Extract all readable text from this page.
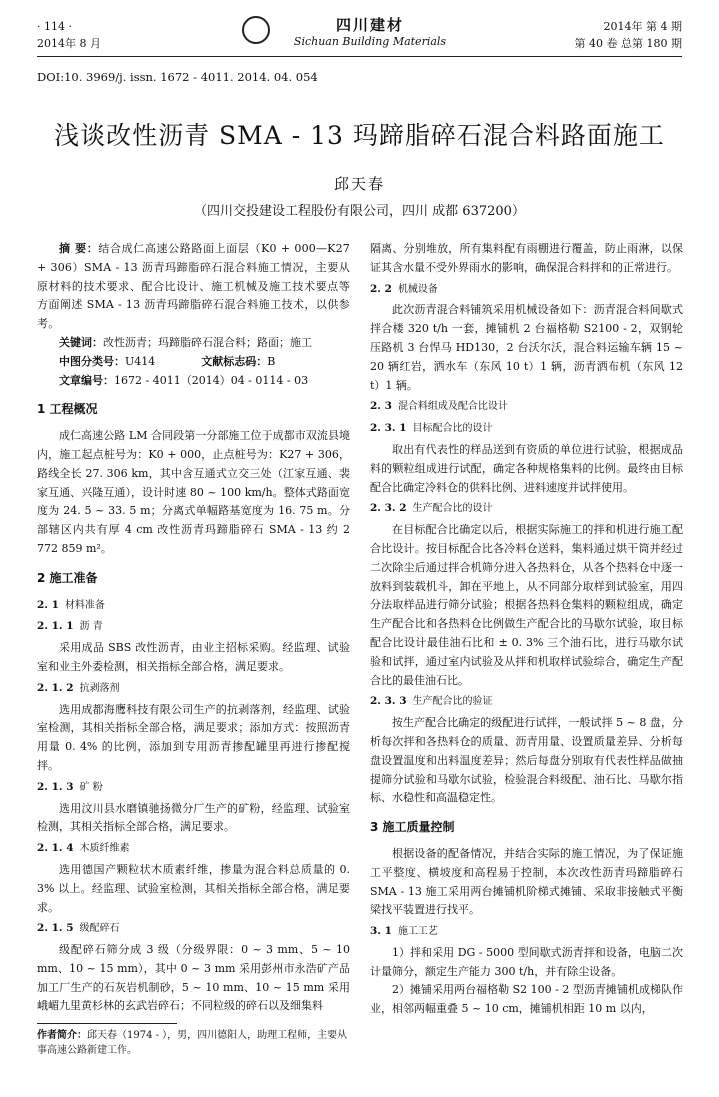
· 114 ·
2014年 8 月
四川建材
Sichuan Building Materials
2014年 第 4 期
第 40 卷 总第 180 期
DOI:10. 3969/j. issn. 1672 - 4011. 2014. 04. 054
浅谈改性沥青 SMA - 13 玛蹄脂碎石混合料路面施工
邱天春
（四川交投建设工程股份有限公司，四川 成都 637200）

摘 要：结合成仁高速公路路面上面层（K0 + 000—K27 + 306）SMA - 13 沥青玛蹄脂碎石混合料施工情况，主要从原材料的技术要求、配合比设计、施工机械及施工技术要点等方面阐述 SMA - 13 沥青玛蹄脂碎石混合料施工技术，以供参考。

关键词：改性沥青；玛蹄脂碎石混合料；路面；施工

中图分类号：U414	文献标志码：B

文章编号：1672 - 4011（2014）04 - 0114 - 03

1 工程概况

成仁高速公路 LM 合同段第一分部施工位于成都市双流县境内，施工起点桩号为：K0 + 000，止点桩号为：K27 + 306，路线全长 27. 306 km，其中含互通式立交三处（江家互通、裴家互通、兴隆互通），设计时速 80 ~ 100 km/h。整体式路面宽度为 24. 5 ~ 33. 5 m；分离式单幅路基宽度为 16. 75 m。分部辖区内共有厚 4 cm 改性沥青玛蹄脂碎石 SMA - 13 约 2 772 859 m²。

2 施工准备
2. 1 材料准备
2. 1. 1 沥 青

采用成品 SBS 改性沥青，由业主招标采购。经监理、试验室和业主外委检测，相关指标全部合格，满足要求。

2. 1. 2 抗剥落剂

选用成都海鹰科技有限公司生产的抗剥落剂，经监理、试验室检测，其相关指标全部合格，满足要求；添加方式：按照沥青用量 0. 4% 的比例，添加到专用沥青掺配罐里再进行掺配搅拌。

2. 1. 3 矿 粉

选用汶川县水磨镇驰扬微分厂生产的矿粉，经监理、试验室检测，其相关指标全部合格，满足要求。

2. 1. 4 木质纤维素

选用德国产颗粒状木质素纤维，掺量为混合料总质量的 0. 3% 以上。经监理、试验室检测，其相关指标全部合格，满足要求。

2. 1. 5 级配碎石

级配碎石筛分成 3 级（分级界限：0 ~ 3 mm、5 ~ 10 mm、10 ~ 15 mm），其中 0 ~ 3 mm 采用彭州市永浩矿产品加工厂生产的石灰岩机制砂，5 ~ 10 mm、10 ~ 15 mm 采用峨嵋九里黄杉林的玄武岩碎石；不同粒级的碎石以及细集料

作者简介：邱天春（1974 - ），男，四川德阳人，助理工程师，主要从事高速公路新建工作。

隔离、分别堆放，所有集料配有雨棚进行覆盖，防止雨淋，以保证其含水量不受外界雨水的影响，确保混合料拌和的正常进行。

2. 2 机械设备

此次沥青混合料铺筑采用机械设备如下：沥青混合料间歇式拌合楼 320 t/h 一套，摊铺机 2 台福格勒 S2100 - 2，双钢轮压路机 3 台悍马 HD130，2 台沃尔沃，混合料运输车辆 15 ~ 20 辆红岩，洒水车（东风 10 t）1 辆，沥青洒布机（东风 12 t）1 辆。

2. 3 混合料组成及配合比设计
2. 3. 1 目标配合比的设计

取出有代表性的样品送到有资质的单位进行试验，根据成品料的颗粒组成进行试配，确定各种规格集料的比例。最终由目标配合比确定冷料仓的供料比例、进料速度并试拌使用。

2. 3. 2 生产配合比的设计

在目标配合比确定以后，根据实际施工的拌和机进行施工配合比设计。按目标配合比各冷料仓送料，集料通过烘干筒并经过二次除尘后通过拌合机筛分进入各热料仓，从各个热料仓中逐一放料到装载机斗，卸在平地上，从不同部分取样到试验室，用四分法取样品进行筛分试验；根据各热料仓集料的颗粒组成，确定生产配合比和各热料仓比例做生产配合比的马歇尔试验，取目标配合比设计最佳油石比和 ± 0. 3% 三个油石比，进行马歇尔试验和试拌，通过室内试验及从拌和机取样试验综合，确定生产配合比的最佳油石比。

2. 3. 3 生产配合比的验证

按生产配合比确定的级配进行试拌，一般试拌 5 ~ 8 盘，分析每次拌和各热料仓的质量、沥青用量、设置质量差异、分析每盘设置温度和出料温度差异；然后每盘分别取有代表性样品做抽提筛分试验和马歇尔试验，检验混合料级配、油石比、马歇尔指标、水稳性和高温稳定性。

3 施工质量控制

根据设备的配备情况，并结合实际的施工情况，为了保证施工平整度、横坡度和高程易于控制，本次改性沥青玛蹄脂碎石 SMA - 13 施工采用两台摊铺机阶梯式摊铺、采取非接触式平衡梁找平装置进行找平。

3. 1 施工工艺

1）拌和采用 DG - 5000 型间歇式沥青拌和设备，电脑二次计量筛分，额定生产能力 300 t/h，并有除尘设备。

2）摊铺采用两台福格勒 S2 100 - 2 型沥青摊铺机成梯队作业，相邻两幅重叠 5 ~ 10 cm，摊铺机相距 10 m 以内，
